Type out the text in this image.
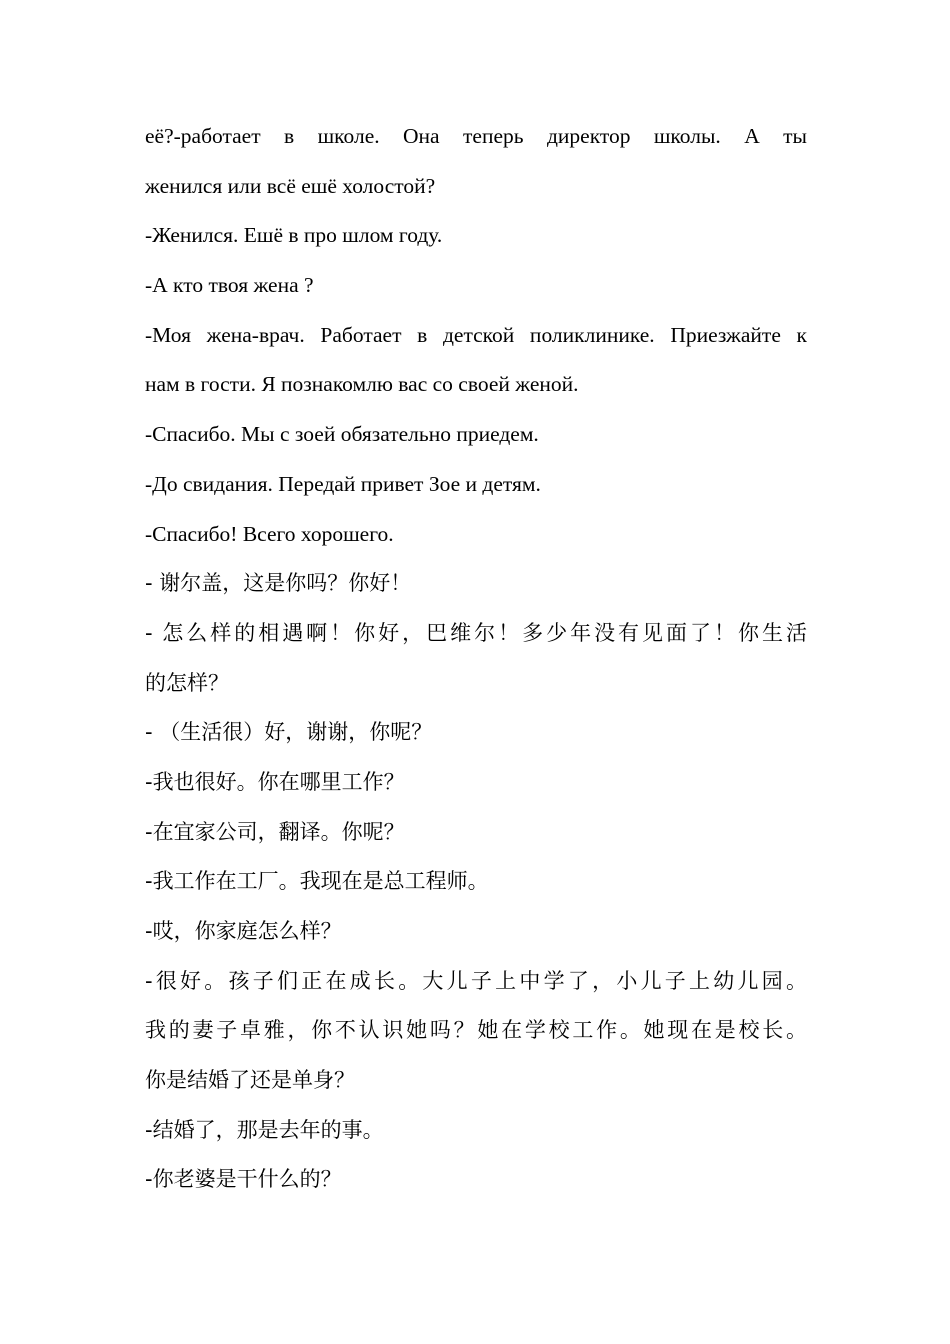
её?-работает в школе. Она теперь директор школы. А ты
женился или всё ешё холостой?
-Женился. Ешё в про шлом году.
-А кто твоя жена ?
-Моя жена-врач. Работает в детской поликлинике. Приезжайте к
нам в гости. Я познакомлю вас со своей женой.
-Спасибо. Мы с зоей обязательно приедем.
-До свидания. Передай привет Зое и детям.
-Спасибо! Всего хорошего.
- 谢尔盖，这是你吗？你好！
- 怎么样的相遇啊！你好，巴维尔！多少年没有见面了！你生活
的怎样？
- （生活很）好，谢谢，你呢？
-我也很好。你在哪里工作？
-在宜家公司，翻译。你呢？
-我工作在工厂。我现在是总工程师。
-哎，你家庭怎么样？
-很好。孩子们正在成长。大儿子上中学了，小儿子上幼儿园。
我的妻子卓雅，你不认识她吗？她在学校工作。她现在是校长。
你是结婚了还是单身？
-结婚了，那是去年的事。
-你老婆是干什么的？
